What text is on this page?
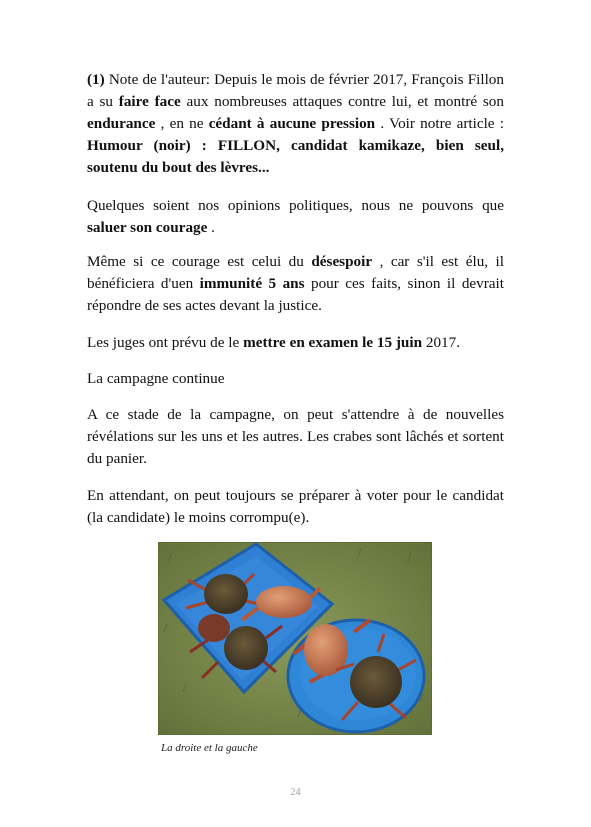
(1) Note de l'auteur: Depuis le mois de février 2017, François Fillon a su faire face aux nombreuses attaques contre lui, et montré son endurance , en ne cédant à aucune pression . Voir notre article : Humour (noir) : FILLON, candidat kamikaze, bien seul, soutenu du bout des lèvres...

Quelques soient nos opinions politiques, nous ne pouvons que saluer son courage .

Même si ce courage est celui du désespoir , car s'il est élu, il bénéficiera d'uen immunité 5 ans pour ces faits, sinon il devrait répondre de ses actes devant la justice.

Les juges ont prévu de le mettre en examen le 15 juin 2017.

La campagne continue

A ce stade de la campagne, on peut s'attendre à de nouvelles révélations sur les uns et les autres. Les crabes sont lâchés et sortent du panier.

En attendant, on peut toujours se préparer à voter pour le candidat (la candidate) le moins corrompu(e).

La droite et la gauche
24
